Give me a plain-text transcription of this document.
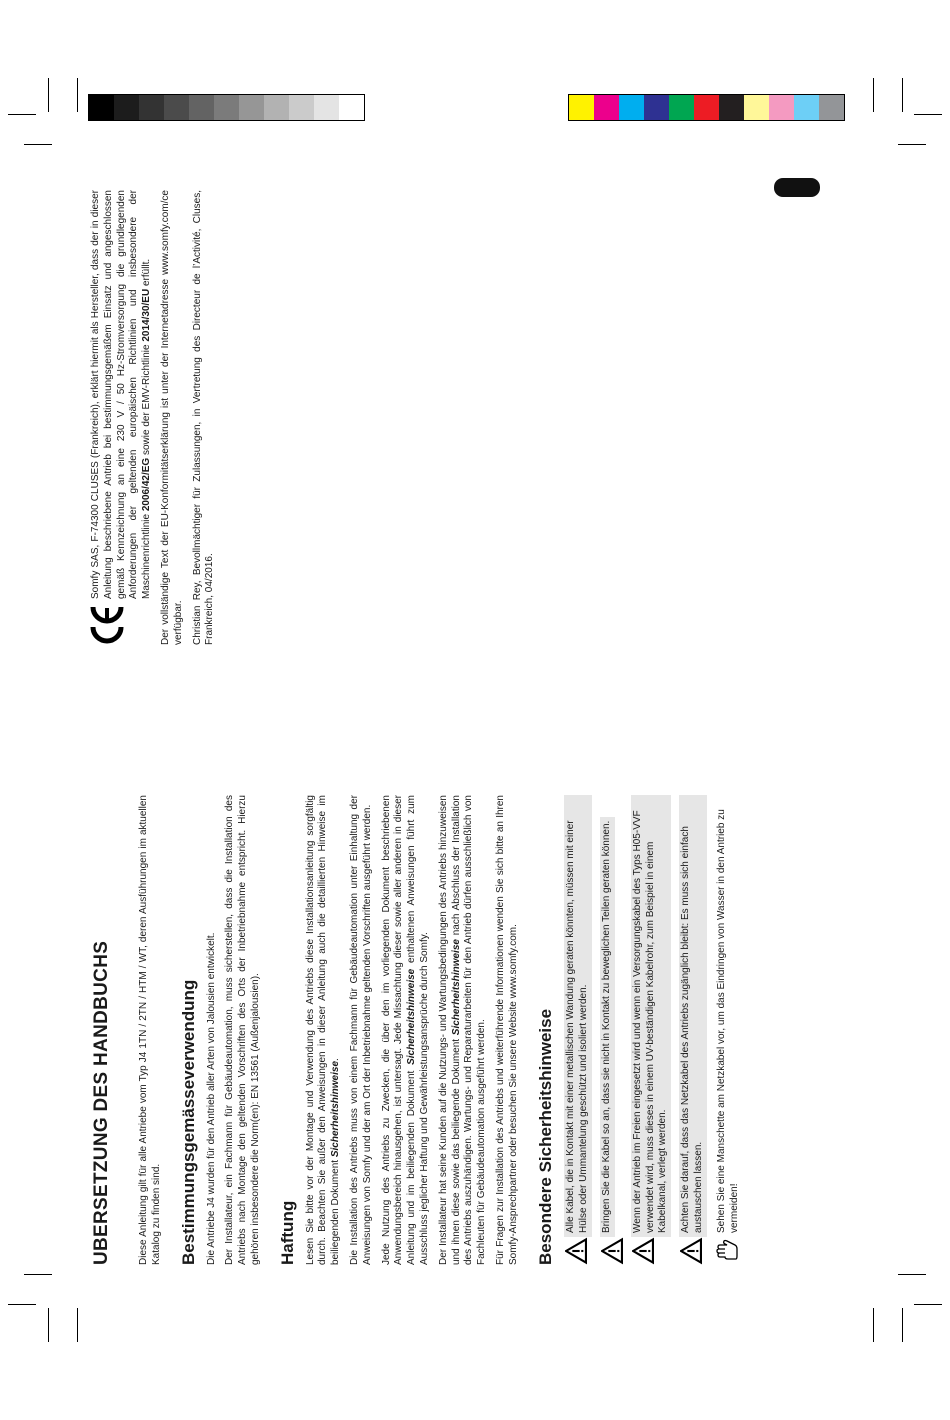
UBERSETZUNG DES HANDBUCHS	Diese Anleitung gilt für alle Antriebe vom Typ J4 1TN / 2TN / HTM / WT, deren Ausführungen im aktuellen Katalog zu finden sind. Bestimmungsgemässeverwendung Die Antriebe J4 wurden für den Antrieb aller Arten von Jalousien entwickelt. Der Installateur, ein Fachmann für Gebäudeautomation, muss sicherstellen, dass die Installation des Antriebs nach Montage den geltenden Vorschriften des Orts der Inbetriebnahme entspricht. Hierzu gehören insbesondere die Norm(en): EN 13561 (Außenjalousien). Haftung Lesen Sie bitte vor der Montage und Verwendung des Antriebs diese Installationsanleitung sorgfältig durch. Beachten Sie außer den Anweisungen in dieser Anleitung auch die detaillierten Hinweise im beiliegenden Dokument Sicherheitshinweise. Die Installation des Antriebs muss von einem Fachmann für Gebäudeautomation unter Einhaltung der Anweisungen von Somfy und der am Ort der Inbetriebnahme geltenden Vorschriften ausgeführt werden. Jede Nutzung des Antriebs zu Zwecken, die über den im vorliegenden Dokument beschriebenen Anwendungsbereich hinausgehen, ist untersagt. Jede Missachtung dieser sowie aller anderen in dieser Anleitung und im beiliegenden Dokument Sicherheitshinweise enthaltenen Anweisungen führt zum Ausschluss jeglicher Haftung und Gewährleistungsansprüche durch Somfy. Der Installateur hat seine Kunden auf die Nutzungs- und Wartungsbedingungen des Antriebs hinzuweisen und ihnen diese sowie das beiliegende Dokument Sicherheitshinweise nach Abschluss der Installation des Antriebs auszuhändigen. Wartungs- und Reparaturarbeiten für den Antrieb dürfen ausschließlich von Fachleuten für Gebäudeautomation ausgeführt werden. Für Fragen zur Installation des Antriebs und weiterführende Informationen wenden Sie sich bitte an Ihren Somfy-Ansprechpartner oder besuchen Sie unsere Website www.somfy.com. Besondere Sicherheitshinweise Alle Kabel, die in Kontakt mit einer metallischen Wandung geraten könnten, müssen mit einer Hülse oder Ummantelung geschützt und isoliert werden. Bringen Sie die Kabel so an, dass sie nicht in Kontakt zu beweglichen Teilen geraten können. Wenn der Antrieb im Freien eingesetzt wird und wenn ein Versorgungskabel des Typs H05-VVF verwendet wird, muss dieses in einem UV-beständigen Kabelrohr, zum Beispiel in einem Kabelkanal, verlegt werden. Achten Sie darauf, dass das Netzkabel des Antriebs zugänglich bleibt: Es muss sich einfach austauschen lassen. Sehen Sie eine Manschette am Netzkabel vor, um das Eindringen von Wasser in den Antrieb zu vermeiden!

Somfy SAS, F-74300 CLUSES (Frankreich), erklärt hiermit als Hersteller, dass der in dieser Anleitung beschriebene Antrieb bei bestimmungsgemäßem Einsatz und angeschlossen gemäß Kennzeichnung an eine 230 V / 50 Hz-Stromversorgung die grundlegenden Anforderungen der geltenden europäischen Richtlinien und insbesondere der Maschinenrichtlinie 2006/42/EG sowie der EMV-Richtlinie 2014/30/EU erfüllt. Der vollständige Text der EU-Konformitätserklärung ist unter der Internetadresse www.somfy.com/ce verfügbar. Christian Rey, Bevollmächtiger für Zulassungen, in Vertretung des Directeur de l’Activité, Cluses, Frankreich, 04/2016.
